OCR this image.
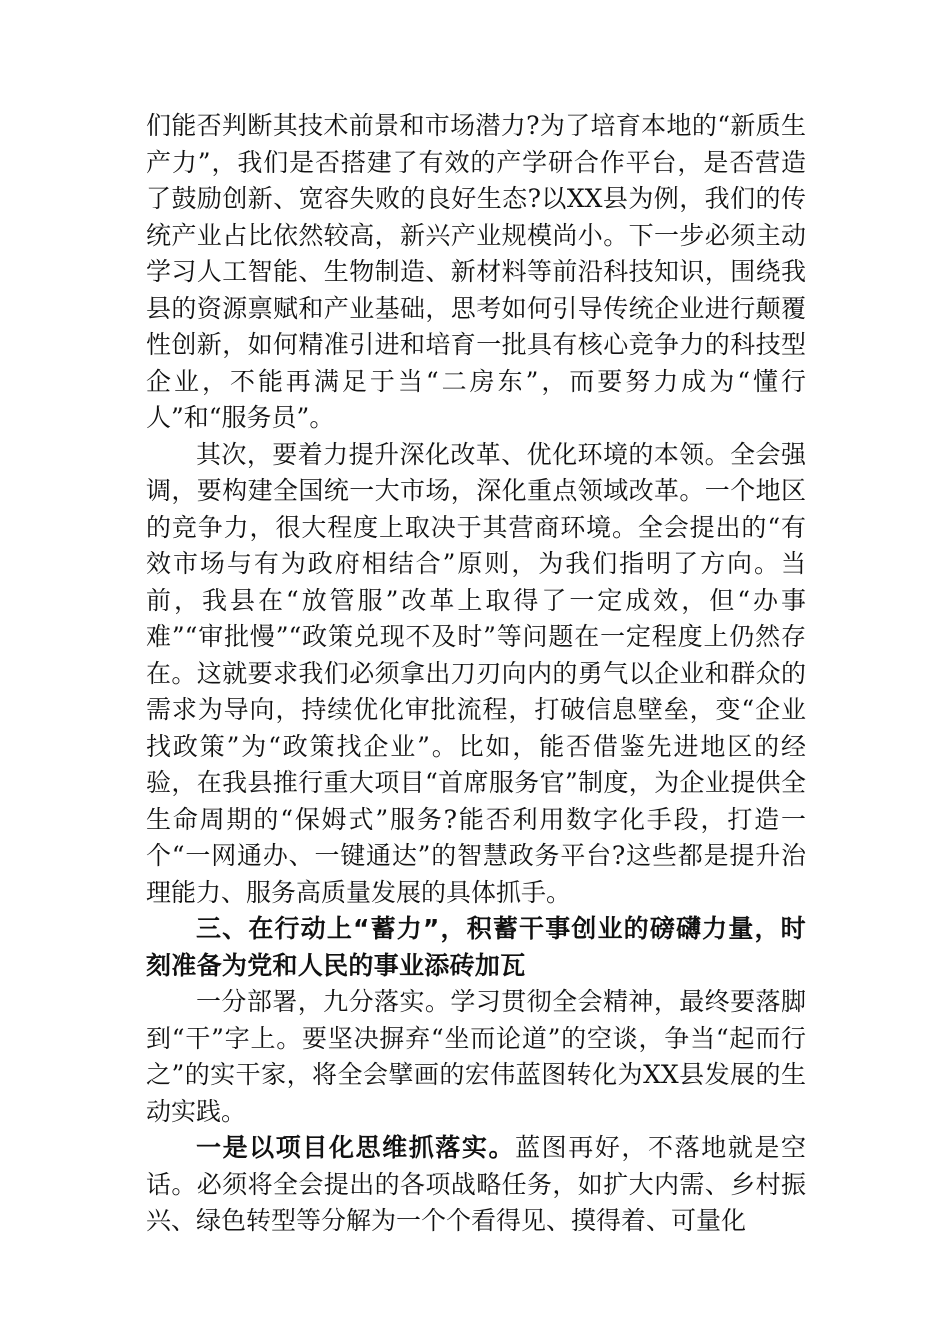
们能否判断其技术前景和市场潜力?为了培育本地的“新质生产力”，我们是否搭建了有效的产学研合作平台，是否营造了鼓励创新、宽容失败的良好生态?以XX县为例，我们的传统产业占比依然较高，新兴产业规模尚小。下一步必须主动学习人工智能、生物制造、新材料等前沿科技知识，围绕我县的资源禀赋和产业基础，思考如何引导传统企业进行颠覆性创新，如何精准引进和培育一批具有核心竞争力的科技型企业，不能再满足于当“二房东”，而要努力成为“懂行人”和“服务员”。

其次，要着力提升深化改革、优化环境的本领。全会强调，要构建全国统一大市场，深化重点领域改革。一个地区的竞争力，很大程度上取决于其营商环境。全会提出的“有效市场与有为政府相结合”原则，为我们指明了方向。当前，我县在“放管服”改革上取得了一定成效，但“办事难”“审批慢”“政策兑现不及时”等问题在一定程度上仍然存在。这就要求我们必须拿出刀刃向内的勇气以企业和群众的需求为导向，持续优化审批流程，打破信息壁垒，变“企业找政策”为“政策找企业”。比如，能否借鉴先进地区的经验，在我县推行重大项目“首席服务官”制度，为企业提供全生命周期的“保姆式”服务?能否利用数字化手段，打造一个“一网通办、一键通达”的智慧政务平台?这些都是提升治理能力、服务高质量发展的具体抓手。

三、在行动上“蓄力”，积蓄干事创业的磅礴力量，时刻准备为党和人民的事业添砖加瓦

一分部署，九分落实。学习贯彻全会精神，最终要落脚到“干”字上。要坚决摒弃“坐而论道”的空谈，争当“起而行之”的实干家，将全会擘画的宏伟蓝图转化为XX县发展的生动实践。

一是以项目化思维抓落实。蓝图再好，不落地就是空话。必须将全会提出的各项战略任务，如扩大内需、乡村振兴、绿色转型等分解为一个个看得见、摸得着、可量化
